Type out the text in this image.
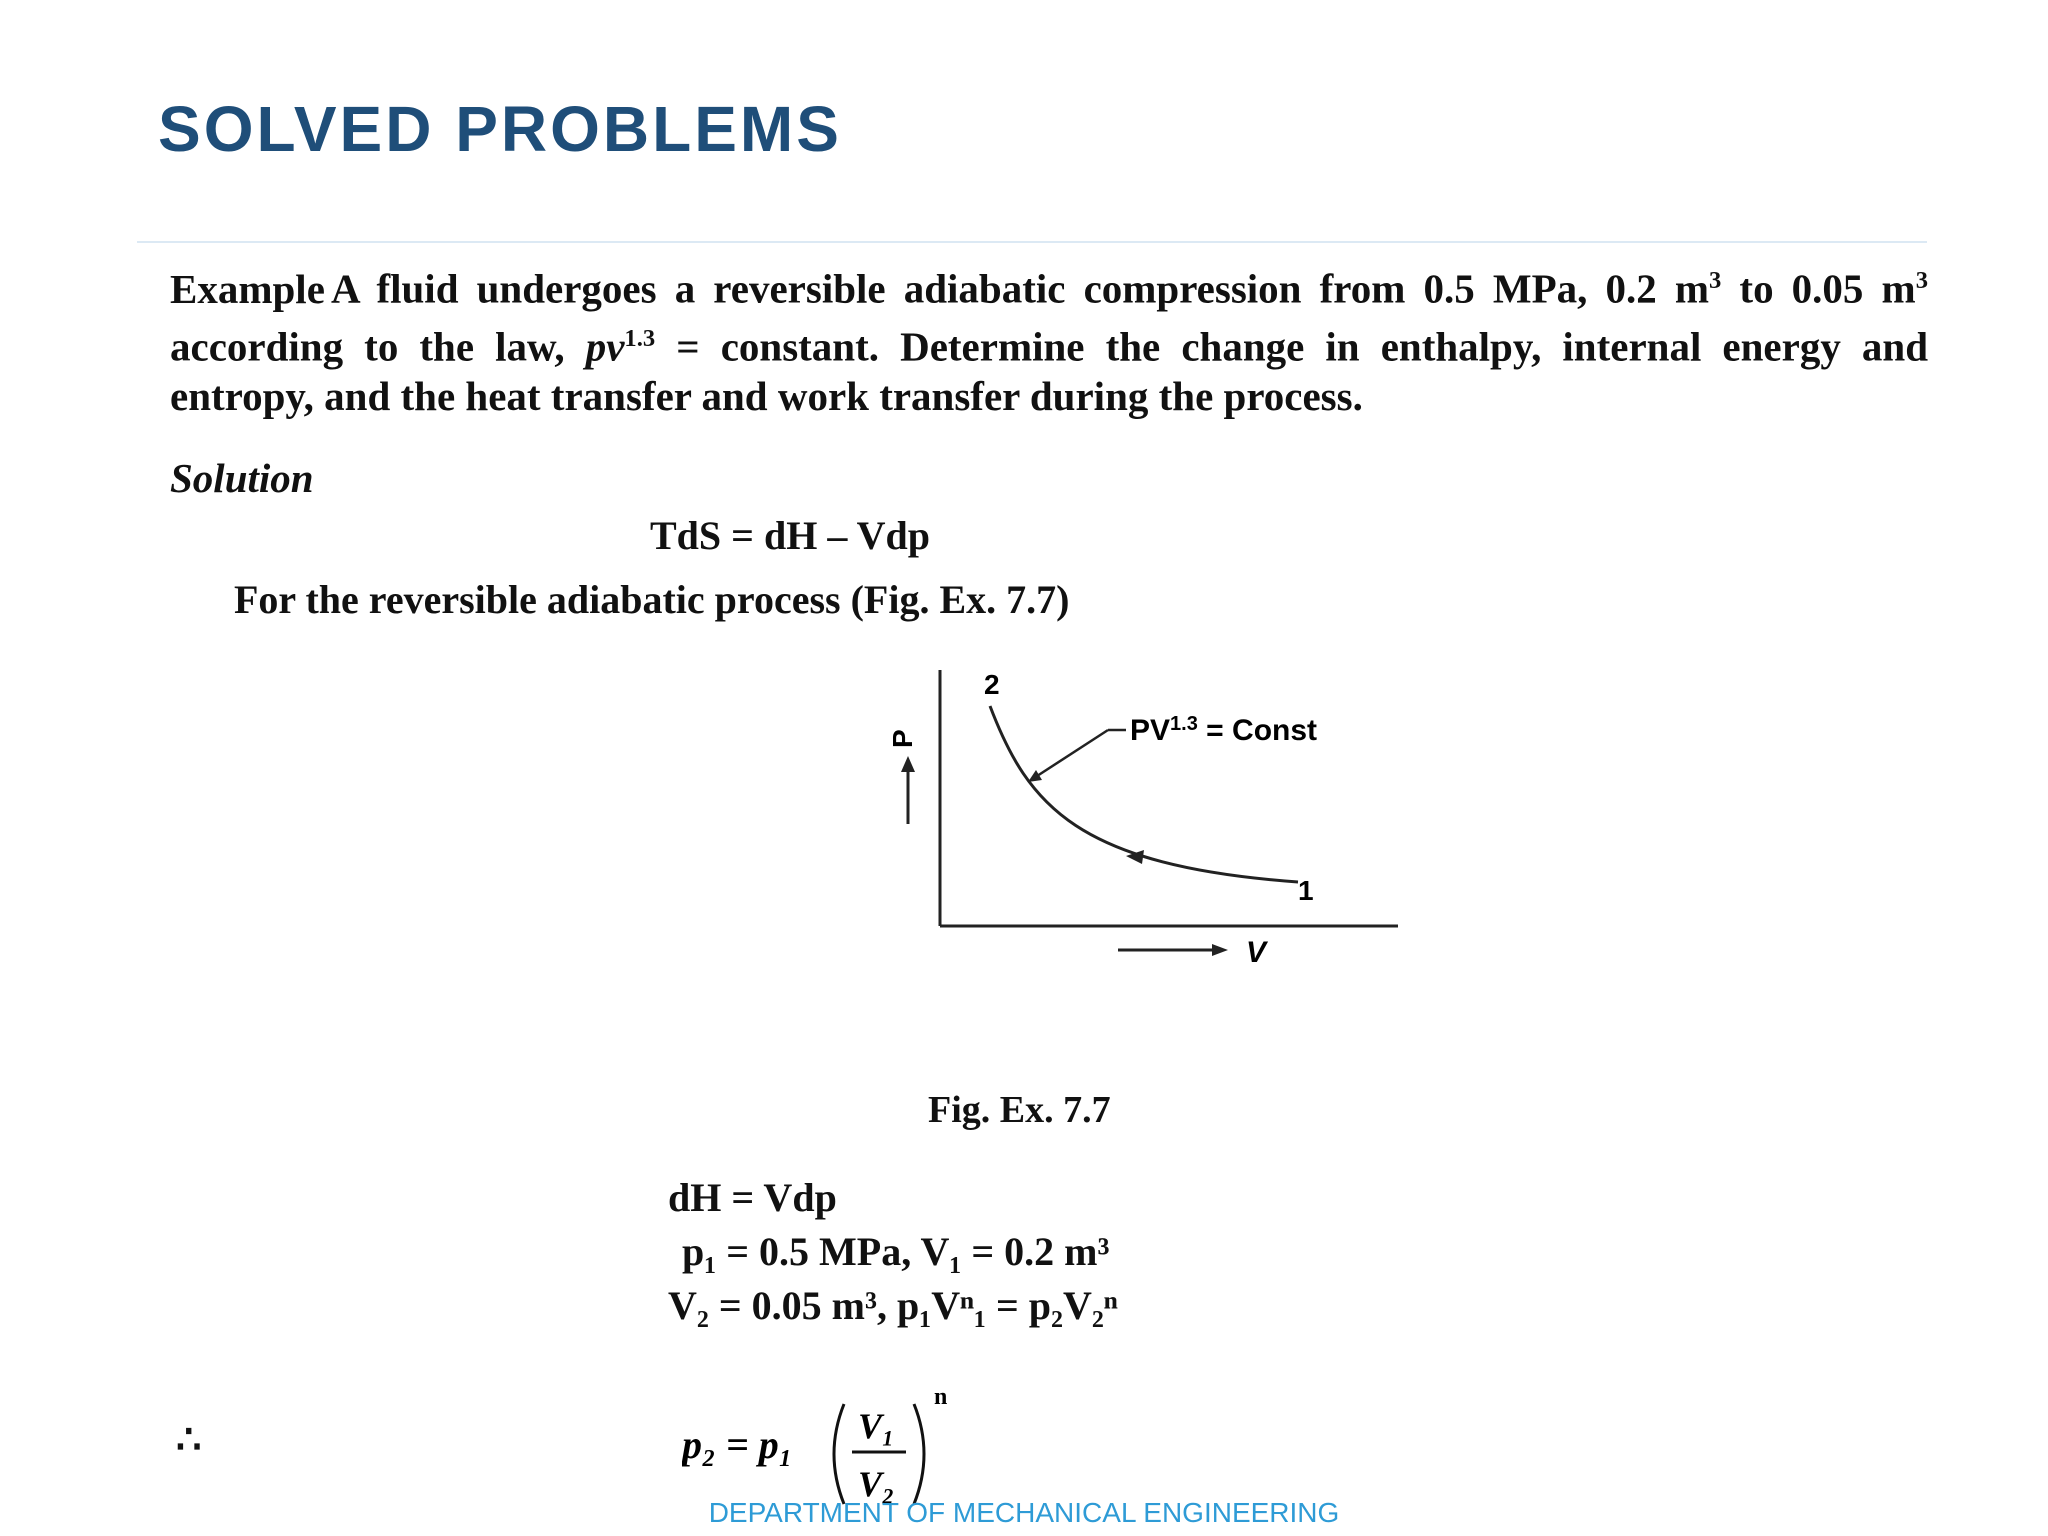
SOLVED PROBLEMS

Example A fluid undergoes a reversible adiabatic compression from 0.5 MPa, 0.2 $m^3$ to 0.05 $m^3$ according to the law, $pv^{1.3}$ = constant. Determine the change in enthalpy, internal energy and entropy, and the heat transfer and work transfer during the process.

Solution

TdS = dH – Vdp

For the reversible adiabatic process (Fig. Ex. 7.7)

P
V
2
1
$PV^{1.3}$ = Const

Fig. Ex. 7.7

dH = Vdp

p₁ = 0.5 MPa, V₁ = 0.2 m³

V₂ = 0.05 m³, p₁Vⁿ₁ = p₂V₂ⁿ

∴	p₂ = p₁ V₁
V₂
n
DEPARTMENT OF MECHANICAL ENGINEERING
